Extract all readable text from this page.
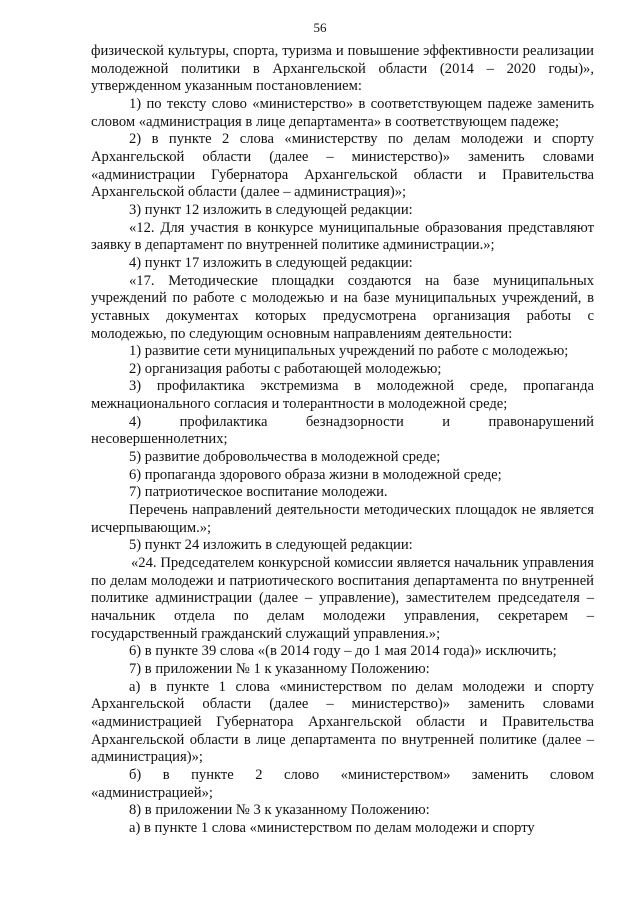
56

физической культуры, спорта, туризма и повышение эффективности реализации молодежной политики в Архангельской области (2014 – 2020 годы)», утвержденном указанным постановлением:

1) по тексту слово «министерство» в соответствующем падеже заменить словом «администрация в лице департамента» в соответствующем падеже;

2) в пункте 2 слова «министерству по делам молодежи и спорту Архангельской области (далее – министерство)» заменить словами «администрации Губернатора Архангельской области и Правительства Архангельской области (далее – администрация)»;

3) пункт 12 изложить в следующей редакции:

«12. Для участия в конкурсе муниципальные образования представляют заявку в департамент по внутренней политике администрации.»;

4) пункт 17 изложить в следующей редакции:

«17. Методические площадки создаются на базе муниципальных учреждений по работе с молодежью и на базе муниципальных учреждений, в уставных документах которых предусмотрена организация работы с молодежью, по следующим основным направлениям деятельности:

1) развитие сети муниципальных учреждений по работе с молодежью;

2) организация работы с работающей молодежью;

3) профилактика экстремизма в молодежной среде, пропаганда межнационального согласия и толерантности в молодежной среде;

4) профилактика безнадзорности и правонарушений несовершеннолетних;

5) развитие добровольчества в молодежной среде;

6) пропаганда здорового образа жизни в молодежной среде;

7) патриотическое воспитание молодежи.

Перечень направлений деятельности методических площадок не является исчерпывающим.»;

5) пункт 24 изложить в следующей редакции:

«24. Председателем конкурсной комиссии является начальник управления по делам молодежи и патриотического воспитания департамента по внутренней политике администрации (далее – управление), заместителем председателя – начальник отдела по делам молодежи управления, секретарем – государственный гражданский служащий управления.»;

6) в пункте 39 слова «(в 2014 году – до 1 мая 2014 года)» исключить;

7) в приложении № 1 к указанному Положению:

а) в пункте 1 слова «министерством по делам молодежи и спорту Архангельской области (далее – министерство)» заменить словами «администрацией Губернатора Архангельской области и Правительства Архангельской области в лице департамента по внутренней политике (далее – администрация)»;

б) в пункте 2 слово «министерством» заменить словом «администрацией»;

8) в приложении № 3 к указанному Положению:

а) в пункте 1 слова «министерством по делам молодежи и спорту
